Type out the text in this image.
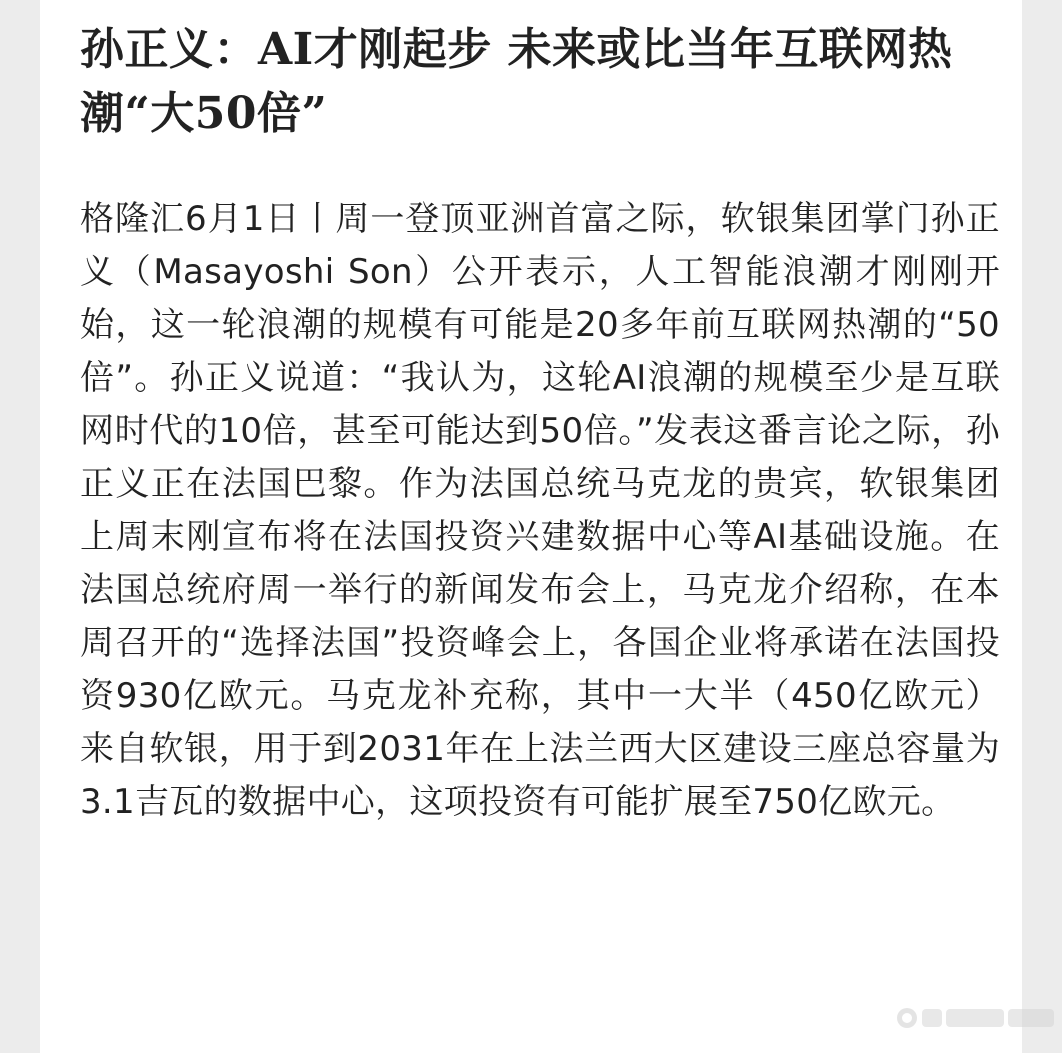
孙正义：AI才刚起步 未来或比当年互联网热潮“大50倍”

格隆汇6月1日丨周一登顶亚洲首富之际，软银集团掌门孙正义（Masayoshi Son）公开表示，人工智能浪潮才刚刚开始，这一轮浪潮的规模有可能是20多年前互联网热潮的“50倍”。孙正义说道：“我认为，这轮AI浪潮的规模至少是互联网时代的10倍，甚至可能达到50倍。”发表这番言论之际，孙正义正在法国巴黎。作为法国总统马克龙的贵宾，软银集团上周末刚宣布将在法国投资兴建数据中心等AI基础设施。在法国总统府周一举行的新闻发布会上，马克龙介绍称，在本周召开的“选择法国”投资峰会上，各国企业将承诺在法国投资930亿欧元。马克龙补充称，其中一大半（450亿欧元）来自软银，用于到2031年在上法兰西大区建设三座总容量为3.1吉瓦的数据中心，这项投资有可能扩展至750亿欧元。
